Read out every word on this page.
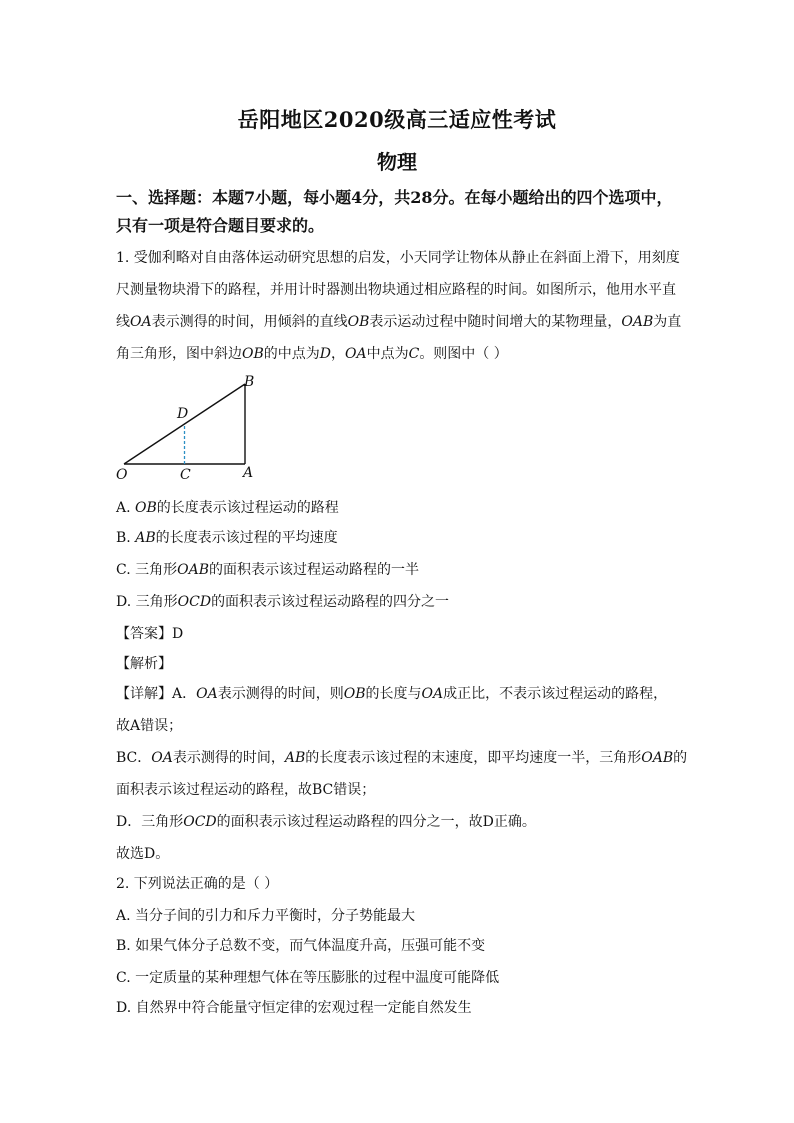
岳阳地区2020级高三适应性考试
物理
一、选择题：本题7小题，每小题4分，共28分。在每小题给出的四个选项中，
只有一项是符合题目要求的。
1. 受伽利略对自由落体运动研究思想的启发，小天同学让物体从静止在斜面上滑下，用刻度
尺测量物块滑下的路程，并用计时器测出物块通过相应路程的时间。如图所示，他用水平直
线OA表示测得的时间，用倾斜的直线OB表示运动过程中随时间增大的某物理量，OAB为直
角三角形，图中斜边OB的中点为D，OA中点为C。则图中（ ）
O	C	A
B
D
A. OB的长度表示该过程运动的路程
B. AB的长度表示该过程的平均速度
C. 三角形OAB的面积表示该过程运动路程的一半
D. 三角形OCD的面积表示该过程运动路程的四分之一
【答案】D
【解析】
【详解】A．OA表示测得的时间，则OB的长度与OA成正比，不表示该过程运动的路程，
故A错误；
BC．OA表示测得的时间，AB的长度表示该过程的末速度，即平均速度一半，三角形OAB的
面积表示该过程运动的路程，故BC错误；
D．三角形OCD的面积表示该过程运动路程的四分之一，故D正确。
故选D。
2. 下列说法正确的是（ ）
A. 当分子间的引力和斥力平衡时，分子势能最大
B. 如果气体分子总数不变，而气体温度升高，压强可能不变
C. 一定质量的某种理想气体在等压膨胀的过程中温度可能降低
D. 自然界中符合能量守恒定律的宏观过程一定能自然发生
